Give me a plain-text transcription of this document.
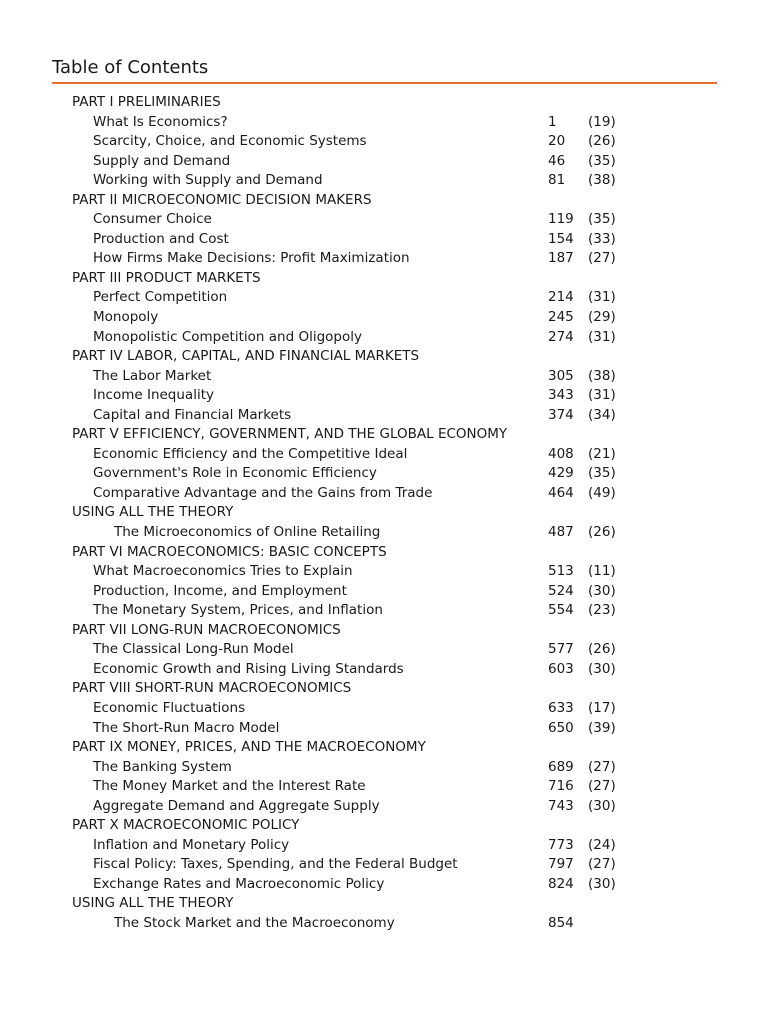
Table of Contents
PART I PRELIMINARIES
What Is Economics?	1 (19)
Scarcity, Choice, and Economic Systems	20 (26)
Supply and Demand	46 (35)
Working with Supply and Demand	81 (38)
PART II MICROECONOMIC DECISION MAKERS
Consumer Choice	119 (35)
Production and Cost	154 (33)
How Firms Make Decisions: Profit Maximization	187 (27)
PART III PRODUCT MARKETS
Perfect Competition	214 (31)
Monopoly	245 (29)
Monopolistic Competition and Oligopoly	274 (31)
PART IV LABOR, CAPITAL, AND FINANCIAL MARKETS
The Labor Market	305 (38)
Income Inequality	343 (31)
Capital and Financial Markets	374 (34)
PART V EFFICIENCY, GOVERNMENT, AND THE GLOBAL ECONOMY
Economic Efficiency and the Competitive Ideal	408 (21)
Government's Role in Economic Efficiency	429 (35)
Comparative Advantage and the Gains from Trade	464 (49)
USING ALL THE THEORY
The Microeconomics of Online Retailing	487 (26)
PART VI MACROECONOMICS: BASIC CONCEPTS
What Macroeconomics Tries to Explain	513 (11)
Production, Income, and Employment	524 (30)
The Monetary System, Prices, and Inflation	554 (23)
PART VII LONG-RUN MACROECONOMICS
The Classical Long-Run Model	577 (26)
Economic Growth and Rising Living Standards	603 (30)
PART VIII SHORT-RUN MACROECONOMICS
Economic Fluctuations	633 (17)
The Short-Run Macro Model	650 (39)
PART IX MONEY, PRICES, AND THE MACROECONOMY
The Banking System	689 (27)
The Money Market and the Interest Rate	716 (27)
Aggregate Demand and Aggregate Supply	743 (30)
PART X MACROECONOMIC POLICY
Inflation and Monetary Policy	773 (24)
Fiscal Policy: Taxes, Spending, and the Federal Budget	797 (27)
Exchange Rates and Macroeconomic Policy	824 (30)
USING ALL THE THEORY
The Stock Market and the Macroeconomy	854
